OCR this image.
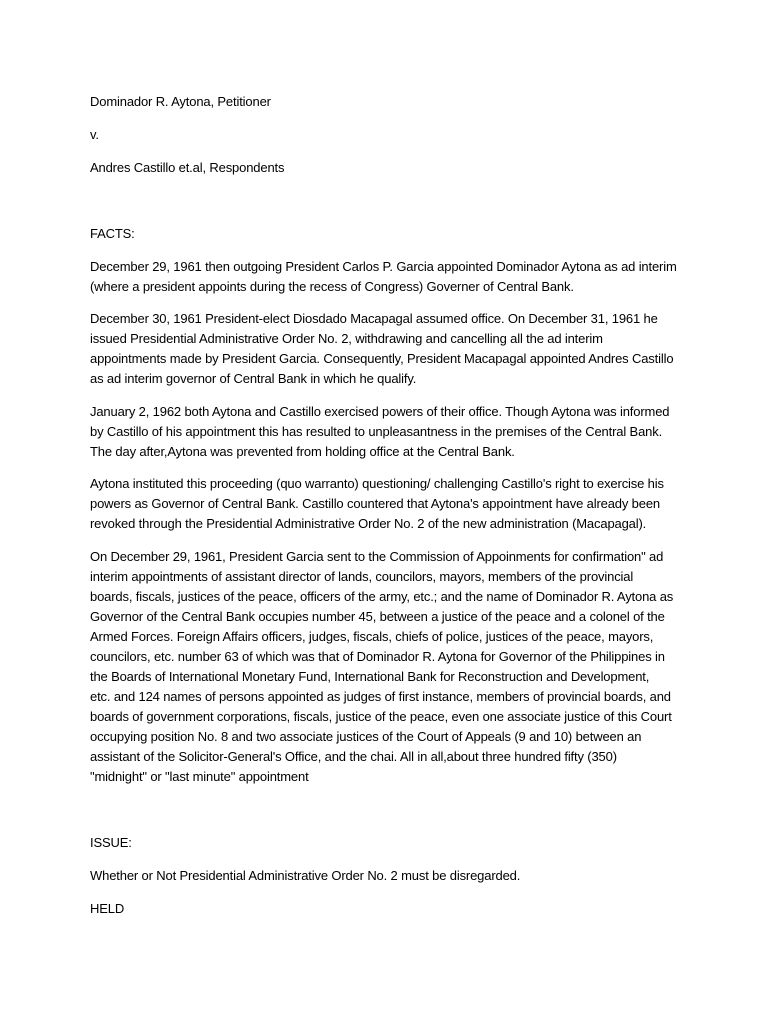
Dominador R. Aytona, Petitioner

v.

Andres Castillo et.al, Respondents

FACTS:

December 29, 1961 then outgoing President Carlos P. Garcia appointed Dominador Aytona as ad interim
(where a president appoints during the recess of Congress) Governer of Central Bank.

December 30, 1961 President-elect Diosdado Macapagal assumed office. On December 31, 1961 he
issued Presidential Administrative Order No. 2, withdrawing and cancelling all the ad interim
appointments made by President Garcia. Consequently, President Macapagal appointed Andres Castillo
as ad interim governor of Central Bank in which he qualify.

January 2, 1962 both Aytona and Castillo exercised powers of their office. Though Aytona was informed
by Castillo of his appointment this has resulted to unpleasantness in the premises of the Central Bank.
The day after,Aytona was prevented from holding office at the Central Bank.

Aytona instituted this proceeding (quo warranto) questioning/ challenging Castillo's right to exercise his
powers as Governor of Central Bank. Castillo countered that Aytona's appointment have already been
revoked through the Presidential Administrative Order No. 2 of the new administration (Macapagal).

On December 29, 1961, President Garcia sent to the Commission of Appoinments for confirmation" ad
interim appointments of assistant director of lands, councilors, mayors, members of the provincial
boards, fiscals, justices of the peace, officers of the army, etc.; and the name of Dominador R. Aytona as
Governor of the Central Bank occupies number 45, between a justice of the peace and a colonel of the
Armed Forces. Foreign Affairs officers, judges, fiscals, chiefs of police, justices of the peace, mayors,
councilors, etc. number 63 of which was that of Dominador R. Aytona for Governor of the Philippines in
the Boards of International Monetary Fund, International Bank for Reconstruction and Development,
etc. and 124 names of persons appointed as judges of first instance, members of provincial boards, and
boards of government corporations, fiscals, justice of the peace, even one associate justice of this Court
occupying position No. 8 and two associate justices of the Court of Appeals (9 and 10) between an
assistant of the Solicitor-General's Office, and the chai. All in all,about three hundred fifty (350)
"midnight" or "last minute" appointment

ISSUE:

Whether or Not Presidential Administrative Order No. 2 must be disregarded.

HELD
